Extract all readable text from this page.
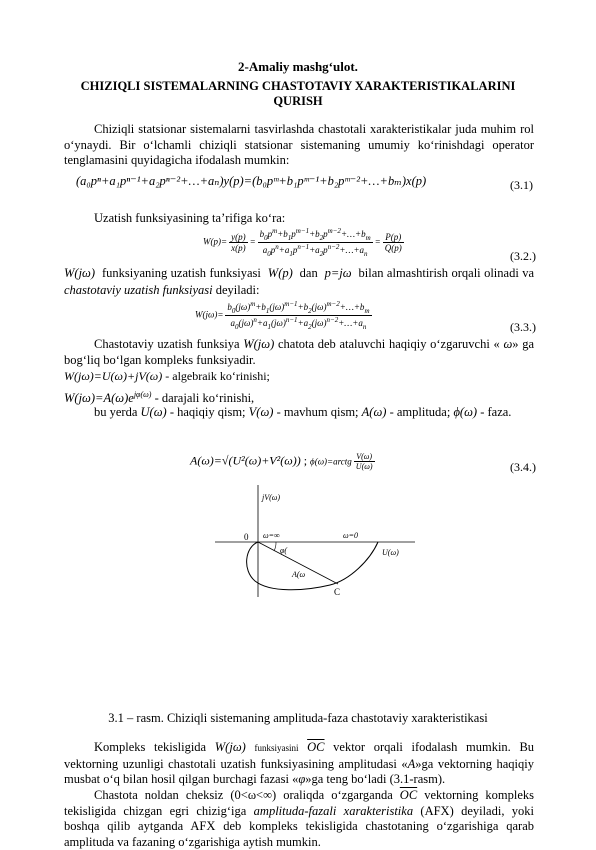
2-Amaliy mashg‘ulot.
CHIZIQLI SISTEMALARNING CHASTOTAVIY XARAKTERISTIKALARINI QURISH
Chiziqli statsionar sistemalarni tasvirlashda chastotali xarakteristikalar juda muhim rol o‘ynaydi. Bir o‘lchamli chiziqli statsionar sistemaning umumiy ko‘rinishdagi operator tenglamasini quyidagicha ifodalash mumkin:
(a₀pⁿ+a₁pⁿ⁻¹+a₂pⁿ⁻²+…+aₙ)y(p)=(b₀pᵐ+b₁pᵐ⁻¹+b₂pᵐ⁻²+…+bₘ)x(p)	(3.1)
Uzatish funksiyasining ta’rifiga ko‘ra:
$W(p)= \frac{y(p)}{x(p)} = \frac{b_0p^m+b_1p^{m-1}+b_2p^{m-2}+\dots+b_m}{a_0p^n+a_1p^{n-1}+a_2p^{n-2}+\dots+a_n} = \frac{P(p)}{Q(p)}$
(3.2.)
W(jω) funksiyaning uzatish funksiyasi W(p) dan p=jω bilan almashtirish orqali olinadi va chastotaviy uzatish funksiyasi deyiladi:
$W(j\omega)= \frac{b_0(j\omega)^m+b_1(j\omega)^{m-1}+b_2(j\omega)^{m-2}+\dots+b_m}{a_0(j\omega)^n+a_1(j\omega)^{n-1}+a_2(j\omega)^{n-2}+\dots+a_n}$	(3.3.)
Chastotaviy uzatish funksiya W(jω) chatota deb ataluvchi haqiqiy o‘zgaruvchi « ω» ga bog‘liq bo‘lgan kompleks funksiyadir.
W(jω)=U(ω)+jV(ω) - algebraik ko‘rinishi;
$W(j\omega)=A(\omega)e^{j\varphi(\omega)}$ - darajali ko‘rinishi,
bu yerda U(ω) - haqiqiy qism; V(ω) - mavhum qism; A(ω) - amplituda; ϕ(ω) - faza.
A(ω)=√(U²(ω)+V²(ω)) ; ϕ(ω)=arctg $\frac{V(\omega)}{U(\omega)}$	(3.4.)
jV(ω)
U(ω)
0 ω=∞	ω=0
φ(
A(ω
C
3.1 – rasm. Chiziqli sistemaning amplituda-faza chastotaviy xarakteristikasi
Kompleks tekisligida W(jω) funksiyasini $\overline{OC}$ vektor orqali ifodalash mumkin. Bu vektorning uzunligi chastotali uzatish funksiyasining amplitudasi «A»ga vektorning haqiqiy musbat o‘q bilan hosil qilgan burchagi fazasi «φ»ga teng bo‘ladi (3.1-rasm).
Chastota noldan cheksiz (0<ω<∞) oraliqda o‘zgarganda $\overline{OC}$ vektorning kompleks tekisligida chizgan egri chizig‘iga amplituda-fazali xarakteristika (AFX) deyiladi, yoki boshqa qilib aytganda AFX deb kompleks tekisligida chastotaning o‘zgarishiga qarab amplituda va fazaning o‘zgarishiga aytish mumkin.
